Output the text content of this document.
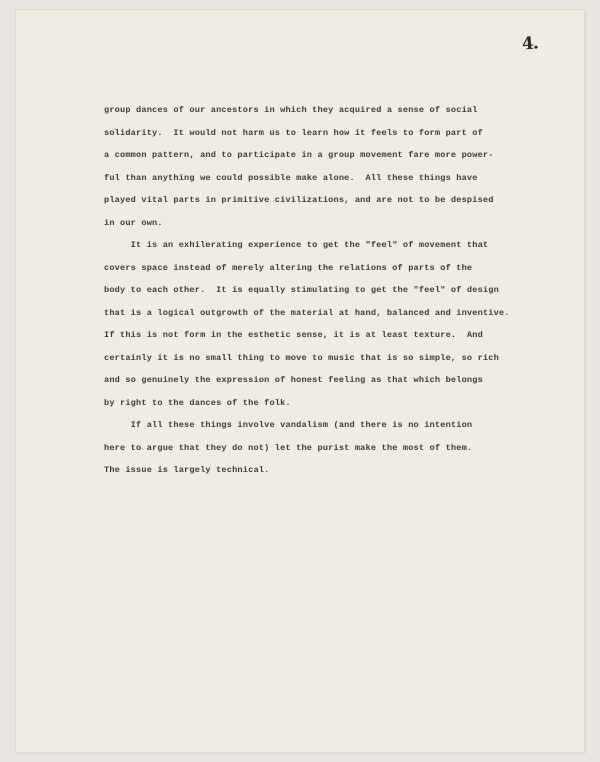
4.
group dances of our ancestors in which they acquired a sense of social
solidarity.  It would not harm us to learn how it feels to form part of
a common pattern, and to participate in a group movement fare more power-
ful than anything we could possible make alone.  All these things have
played vital parts in primitive civilizations, and are not to be despised
in our own.
It is an exhilerating experience to get the "feel" of movement that
covers space instead of merely altering the relations of parts of the
body to each other.  It is equally stimulating to get the "feel" of design
that is a logical outgrowth of the material at hand, balanced and inventive.
If this is not form in the esthetic sense, it is at least texture.  And
certainly it is no small thing to move to music that is so simple, so rich
and so genuinely the expression of honest feeling as that which belongs
by right to the dances of the folk.
If all these things involve vandalism (and there is no intention
here to argue that they do not) let the purist make the most of them.
The issue is largely technical.
